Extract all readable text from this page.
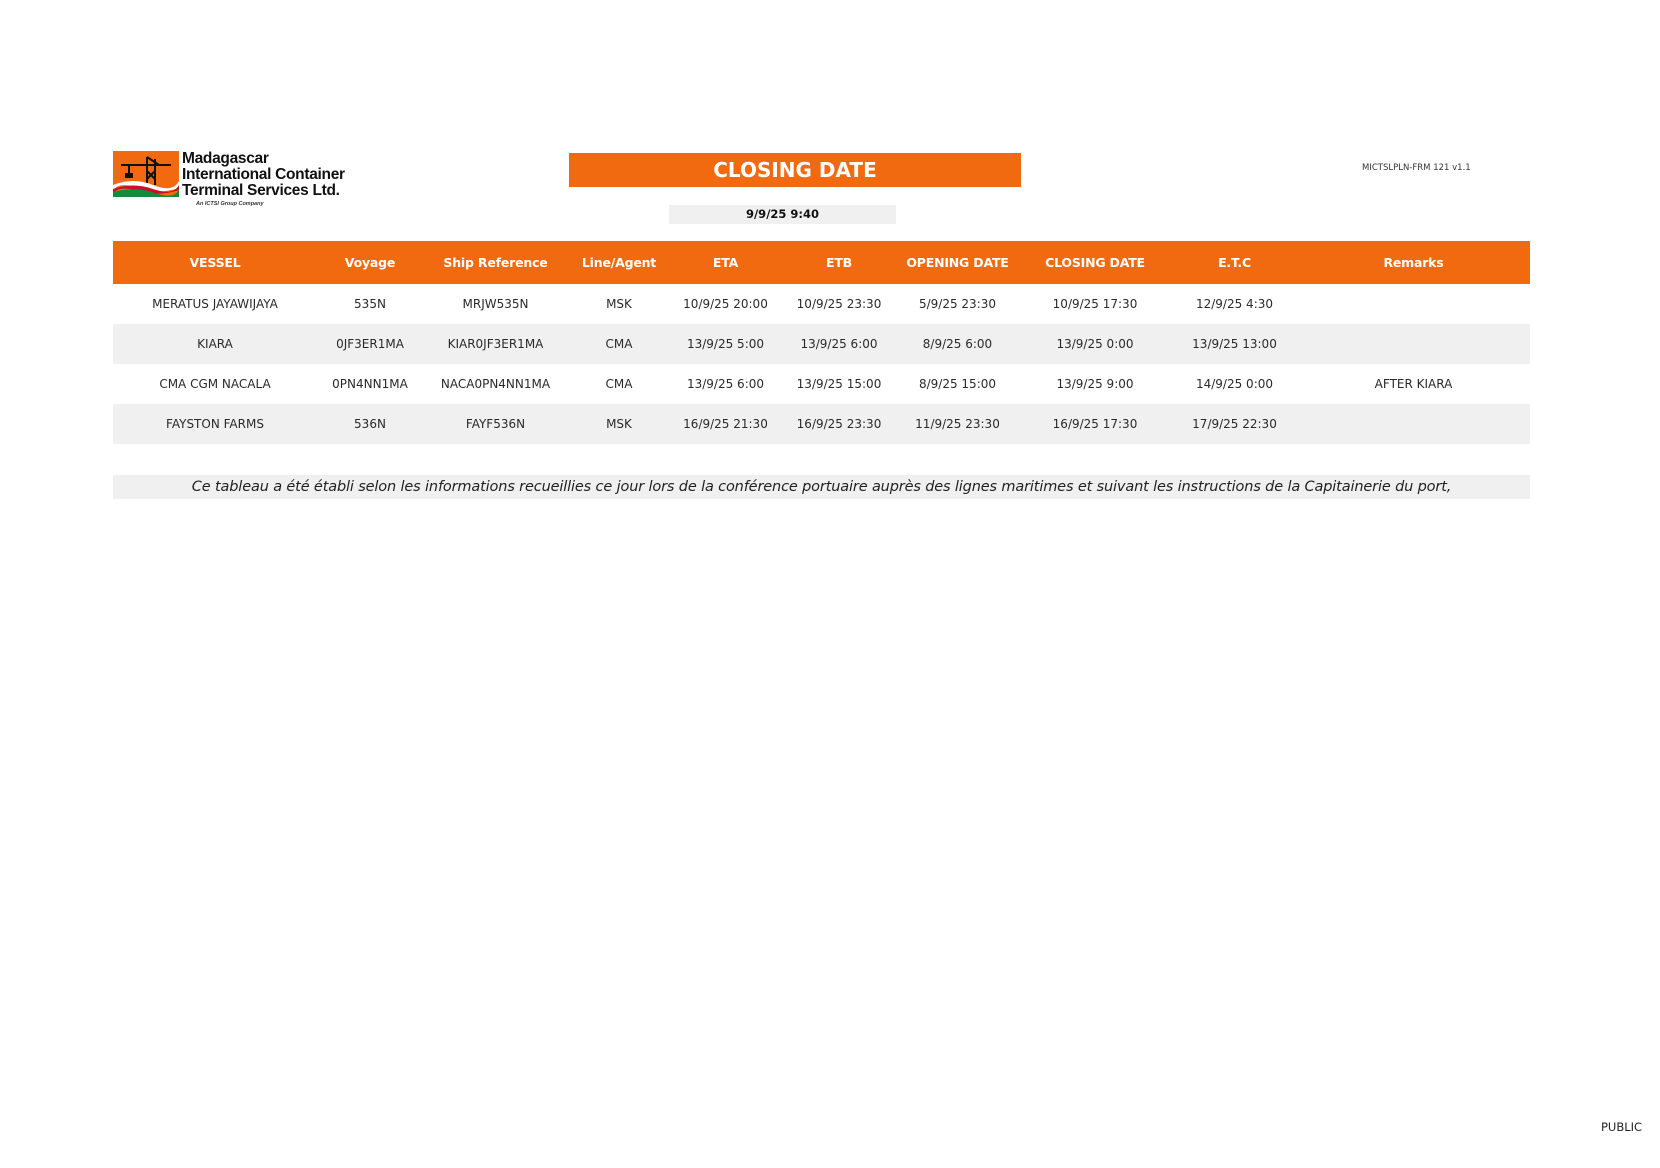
Madagascar
International Container
Terminal Services Ltd.
An ICTSI Group Company
CLOSING DATE
9/9/25 9:40
MICTSLPLN-FRM 121 v1.1
VESSEL	Voyage	Ship Reference	Line/Agent	ETA	ETB	OPENING DATE	CLOSING DATE	E.T.C	Remarks
MERATUS JAYAWIJAYA	535N	MRJW535N	MSK	10/9/25 20:00	10/9/25 23:30	5/9/25 23:30	10/9/25 17:30	12/9/25 4:30
KIARA	0JF3ER1MA	KIAR0JF3ER1MA	CMA	13/9/25 5:00	13/9/25 6:00	8/9/25 6:00	13/9/25 0:00	13/9/25 13:00
CMA CGM NACALA	0PN4NN1MA	NACA0PN4NN1MA	CMA	13/9/25 6:00	13/9/25 15:00	8/9/25 15:00	13/9/25 9:00	14/9/25 0:00	AFTER KIARA
FAYSTON FARMS	536N	FAYF536N	MSK	16/9/25 21:30	16/9/25 23:30	11/9/25 23:30	16/9/25 17:30	17/9/25 22:30
Ce tableau a été établi selon les informations recueillies ce jour lors de la conférence portuaire auprès des lignes maritimes et suivant les instructions de la Capitainerie du port,
PUBLIC
